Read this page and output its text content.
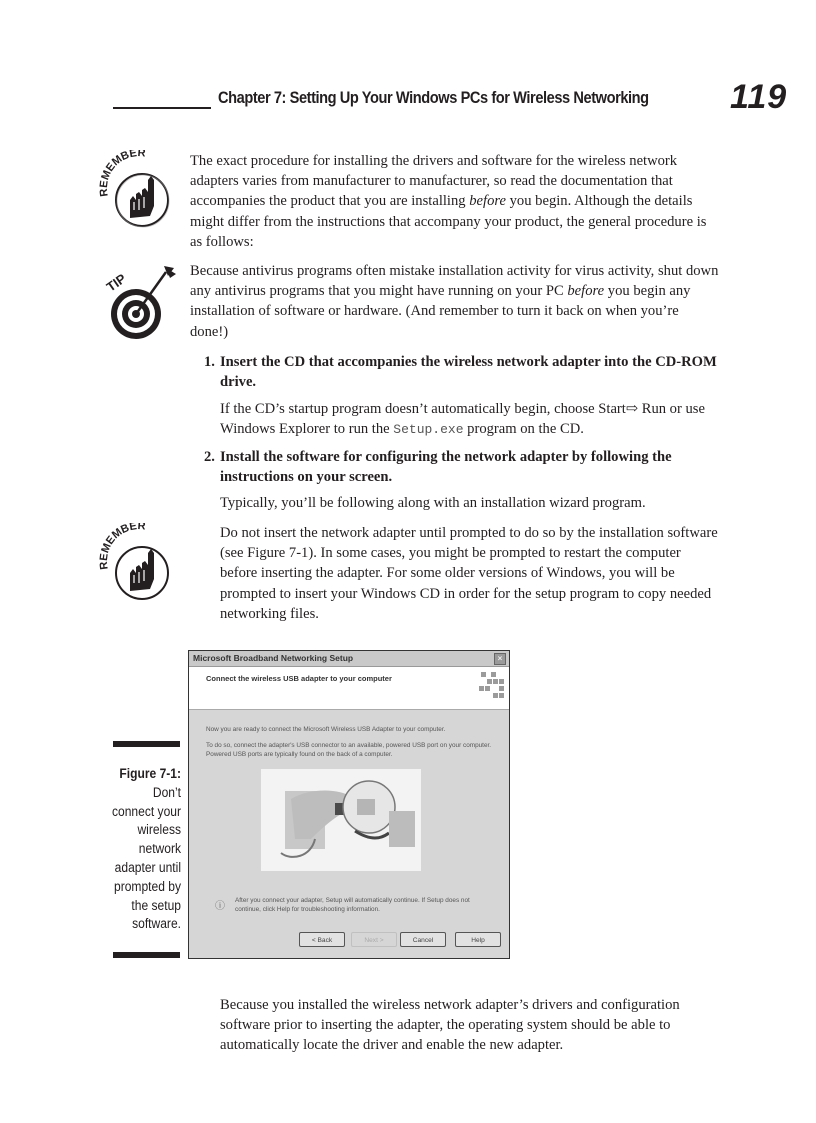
Chapter 7: Setting Up Your Windows PCs for Wireless Networking 119
REMEMBER	The exact procedure for installing the drivers and software for the wireless network adapters varies from manufacturer to manufacturer, so read the documentation that accompanies the product that you are installing before you begin. Although the details might differ from the instructions that accompany your product, the general procedure is as follows:

TIP	Because antivirus programs often mistake installation activity for virus activity, shut down any antivirus programs that you might have running on your PC before you begin any installation of software or hardware. (And remember to turn it back on when you’re done!)

1. Insert the CD that accompanies the wireless network adapter into the CD-ROM drive.

If the CD’s startup program doesn’t automatically begin, choose Start⇨ Run or use Windows Explorer to run the Setup.exe program on the CD.

2. Install the software for configuring the network adapter by following the instructions on your screen.
Typically, you’ll be following along with an installation wizard program.
REMEMBER	Do not insert the network adapter until prompted to do so by the installation software (see Figure 7-1). In some cases, you might be prompted to restart the computer before inserting the adapter. For some older versions of Windows, you will be prompted to insert your Windows CD in order for the setup program to copy needed networking files.
Figure 7-1:
Don’t connect your wireless network adapter until prompted by the setup software.
Microsoft Broadband Networking Setup	×
Connect the wireless USB adapter to your computer
Now you are ready to connect the Microsoft Wireless USB Adapter to your computer.
To do so, connect the adapter's USB connector to an available, powered USB port on your computer. Powered USB ports are typically found on the back of a computer.
ⓘ
After you connect your adapter, Setup will automatically continue. If Setup does not continue, click Help for troubleshooting information.
< Back	Next >	Cancel	Help
Because you installed the wireless network adapter’s drivers and configuration software prior to inserting the adapter, the operating system should be able to automatically locate the driver and enable the new adapter.
